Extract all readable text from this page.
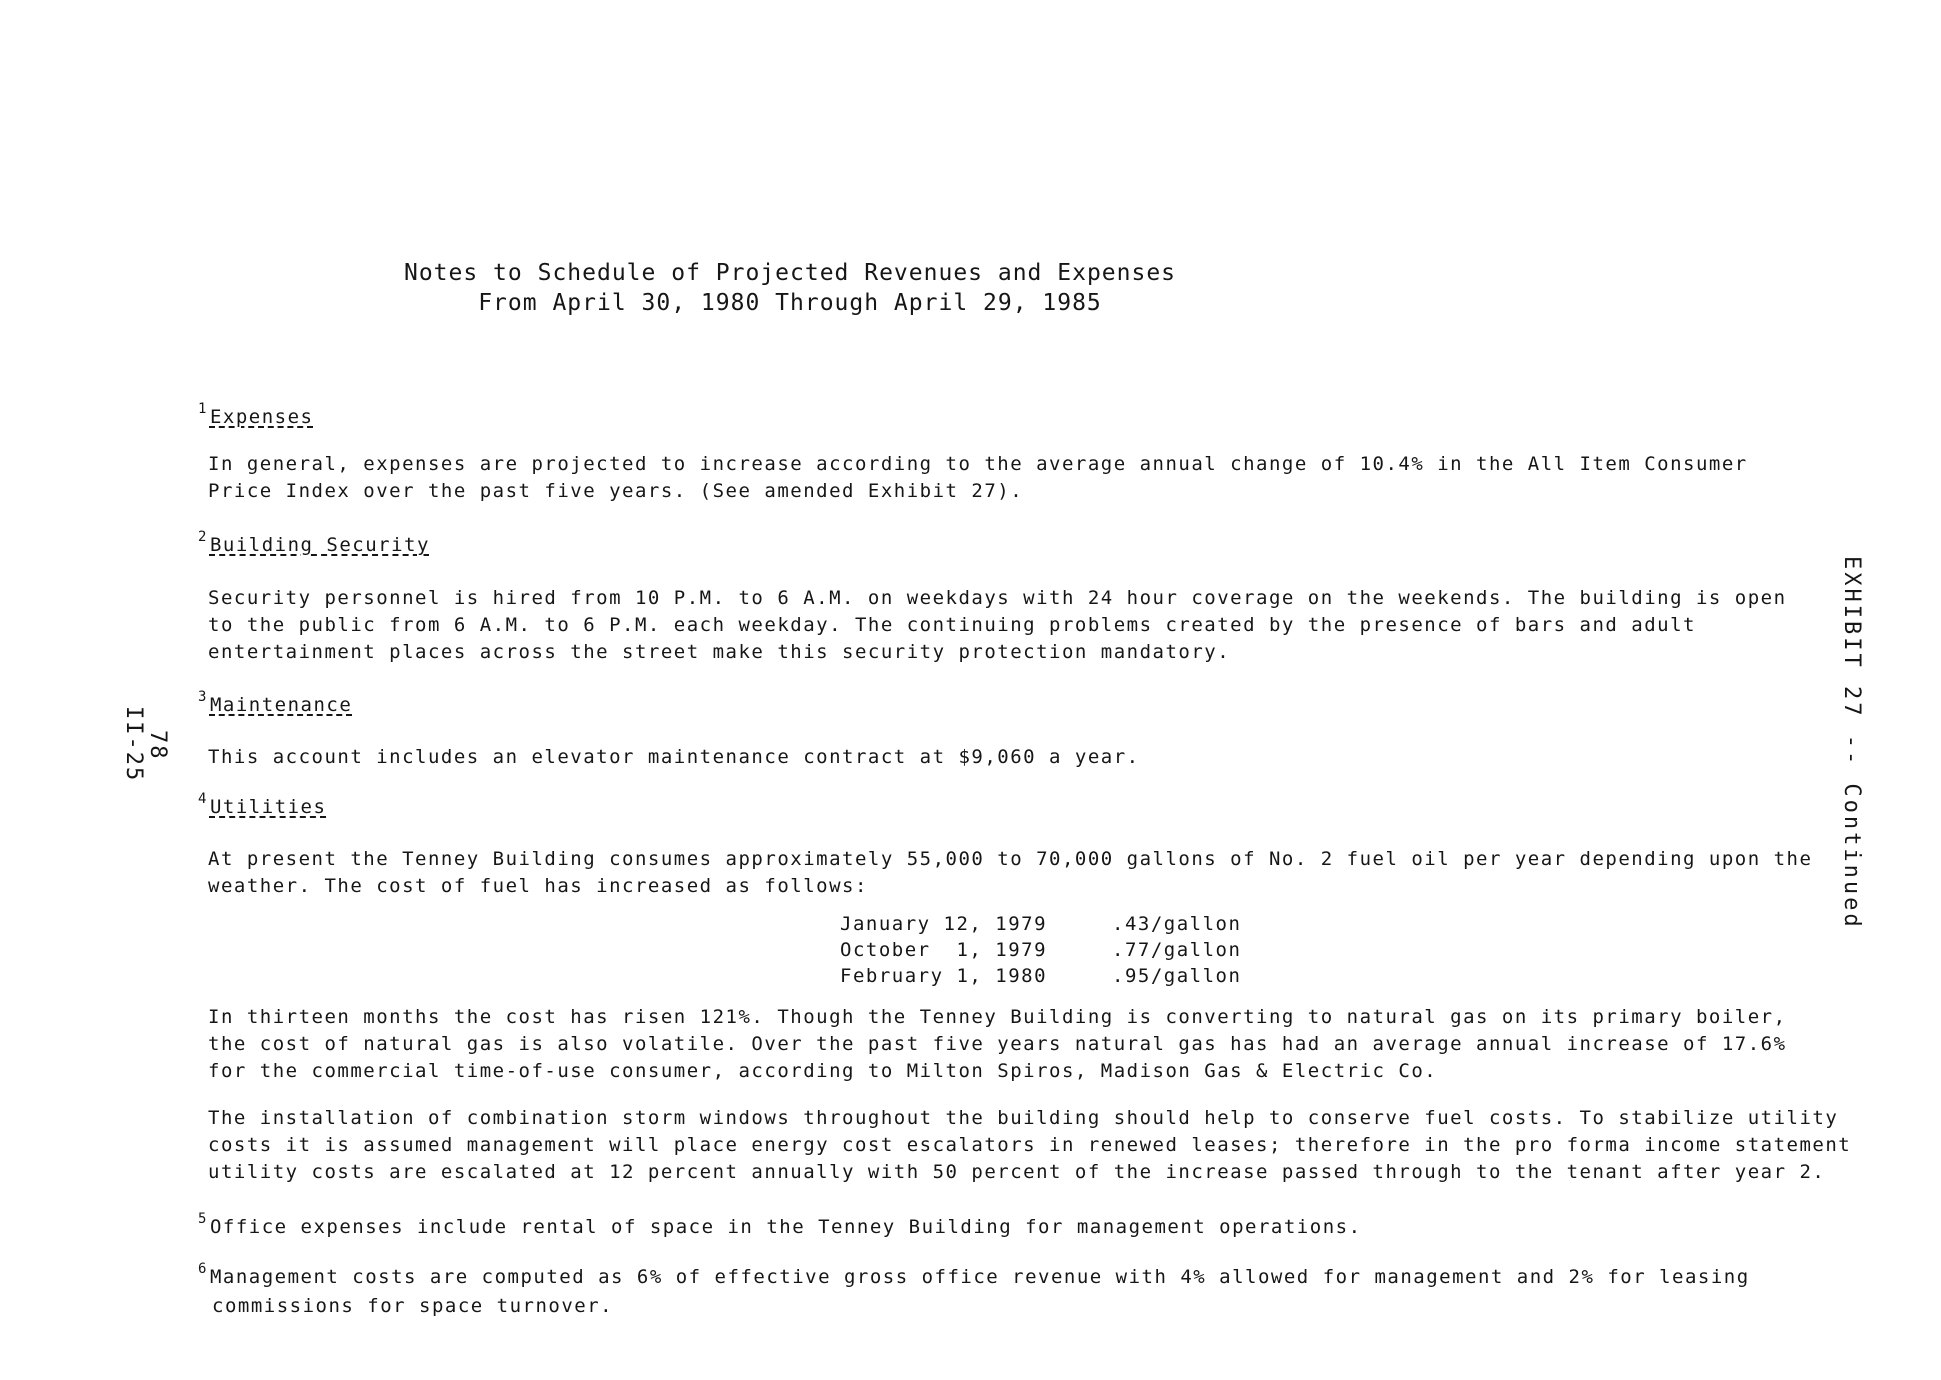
Notes to Schedule of Projected Revenues and Expenses
From April 30, 1980 Through April 29, 1985
$^1$ Expenses
In general, expenses are projected to increase according to the average annual change of 10.4% in the All Item Consumer
Price Index over the past five years. (See amended Exhibit 27).
$^2$ Building Security
Security personnel is hired from 10 P.M. to 6 A.M. on weekdays with 24 hour coverage on the weekends. The building is open
to the public from 6 A.M. to 6 P.M. each weekday. The continuing problems created by the presence of bars and adult
entertainment places across the street make this security protection mandatory.
$^3$ Maintenance
This account includes an elevator maintenance contract at $9,060 a year.
$^4$ Utilities
At present the Tenney Building consumes approximately 55,000 to 70,000 gallons of No. 2 fuel oil per year depending upon the
weather. The cost of fuel has increased as follows:
January 12, 1979	.43/gallon
October  1, 1979	.77/gallon
February 1, 1980	.95/gallon
In thirteen months the cost has risen 121%. Though the Tenney Building is converting to natural gas on its primary boiler,
the cost of natural gas is also volatile. Over the past five years natural gas has had an average annual increase of 17.6%
for the commercial time-of-use consumer, according to Milton Spiros, Madison Gas & Electric Co.
The installation of combination storm windows throughout the building should help to conserve fuel costs. To stabilize utility
costs it is assumed management will place energy cost escalators in renewed leases; therefore in the pro forma income statement
utility costs are escalated at 12 percent annually with 50 percent of the increase passed through to the tenant after year 2.
$^5$ Office expenses include rental of space in the Tenney Building for management operations.
$^6$ Management costs are computed as 6% of effective gross office revenue with 4% allowed for management and 2% for leasing
commissions for space turnover.
EXHIBIT 27 -- Continued
78
II-25
